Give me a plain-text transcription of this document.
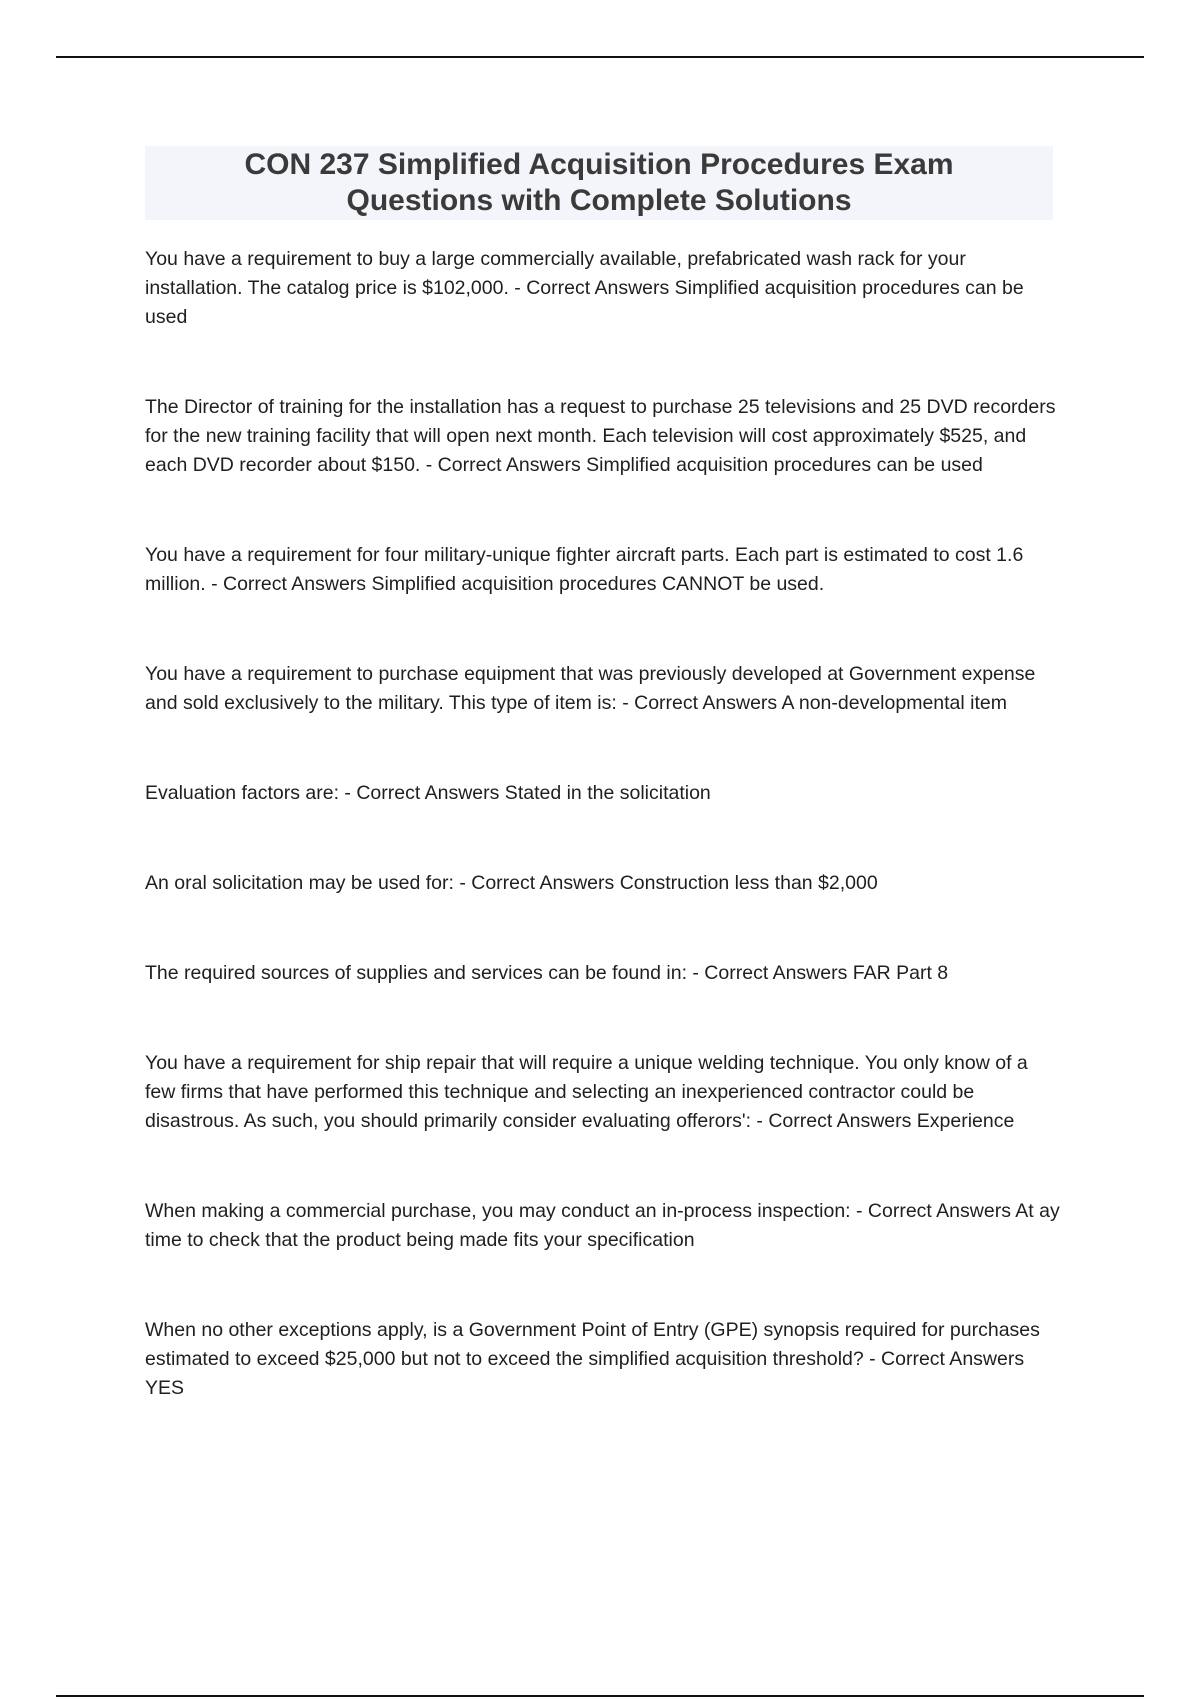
CON 237 Simplified Acquisition Procedures Exam Questions with Complete Solutions

You have a requirement to buy a large commercially available, prefabricated wash rack for your installation. The catalog price is $102,000. - Correct Answers Simplified acquisition procedures can be used

The Director of training for the installation has a request to purchase 25 televisions and 25 DVD recorders for the new training facility that will open next month. Each television will cost approximately $525, and each DVD recorder about $150. - Correct Answers Simplified acquisition procedures can be used

You have a requirement for four military-unique fighter aircraft parts. Each part is estimated to cost 1.6 million. - Correct Answers Simplified acquisition procedures CANNOT be used.

You have a requirement to purchase equipment that was previously developed at Government expense and sold exclusively to the military. This type of item is: - Correct Answers A non-developmental item

Evaluation factors are: - Correct Answers Stated in the solicitation

An oral solicitation may be used for: - Correct Answers Construction less than $2,000

The required sources of supplies and services can be found in: - Correct Answers FAR Part 8

You have a requirement for ship repair that will require a unique welding technique. You only know of a few firms that have performed this technique and selecting an inexperienced contractor could be disastrous. As such, you should primarily consider evaluating offerors': - Correct Answers Experience

When making a commercial purchase, you may conduct an in-process inspection: - Correct Answers At ay time to check that the product being made fits your specification

When no other exceptions apply, is a Government Point of Entry (GPE) synopsis required for purchases estimated to exceed $25,000 but not to exceed the simplified acquisition threshold? - Correct Answers YES
